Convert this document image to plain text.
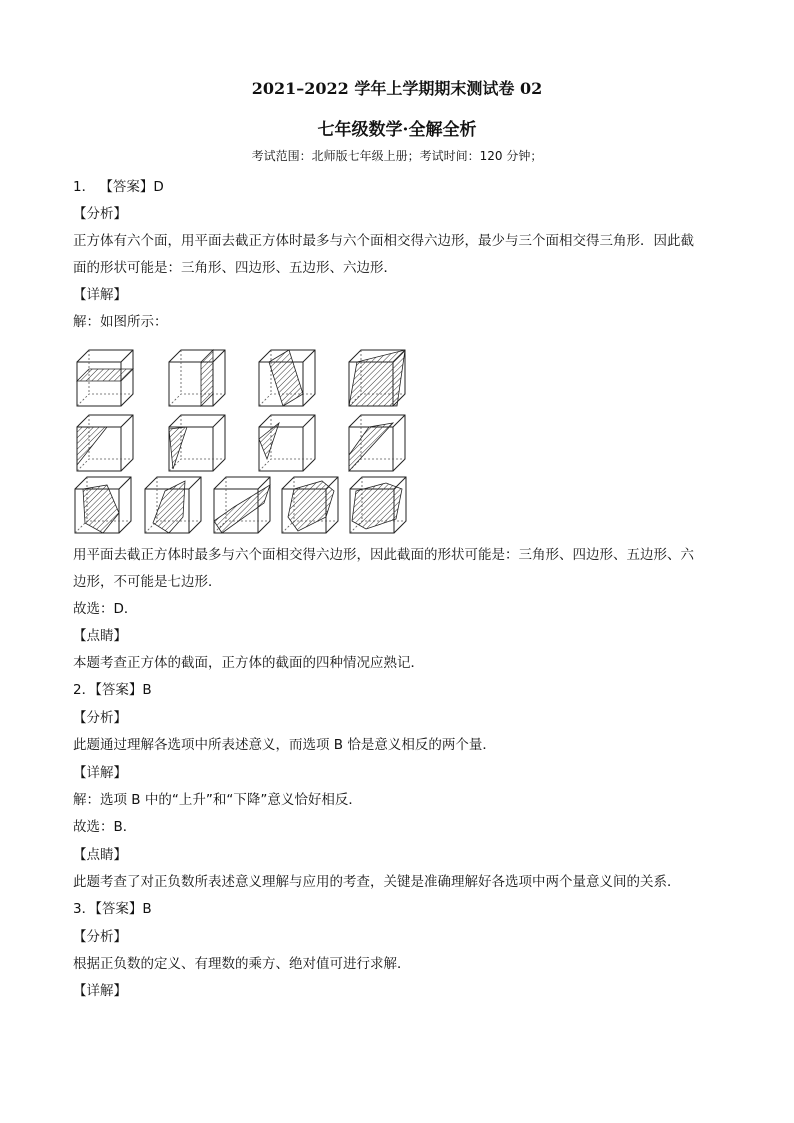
2021–2022 学年上学期期末测试卷 02
七年级数学·全解全析
考试范围：北师版七年级上册；考试时间：120 分钟；
1． 【答案】D
【分析】
正方体有六个面，用平面去截正方体时最多与六个面相交得六边形，最少与三个面相交得三角形．因此截
面的形状可能是：三角形、四边形、五边形、六边形．
【详解】
解：如图所示：
用平面去截正方体时最多与六个面相交得六边形，因此截面的形状可能是：三角形、四边形、五边形、六
边形，不可能是七边形．
故选：D．
【点睛】
本题考查正方体的截面，正方体的截面的四种情况应熟记．
2．【答案】B
【分析】
此题通过理解各选项中所表述意义，而选项 B 恰是意义相反的两个量．
【详解】
解：选项 B 中的“上升”和“下降”意义恰好相反．
故选：B．
【点睛】
此题考查了对正负数所表述意义理解与应用的考查，关键是准确理解好各选项中两个量意义间的关系．
3．【答案】B
【分析】
根据正负数的定义、有理数的乘方、绝对值可进行求解．
【详解】
